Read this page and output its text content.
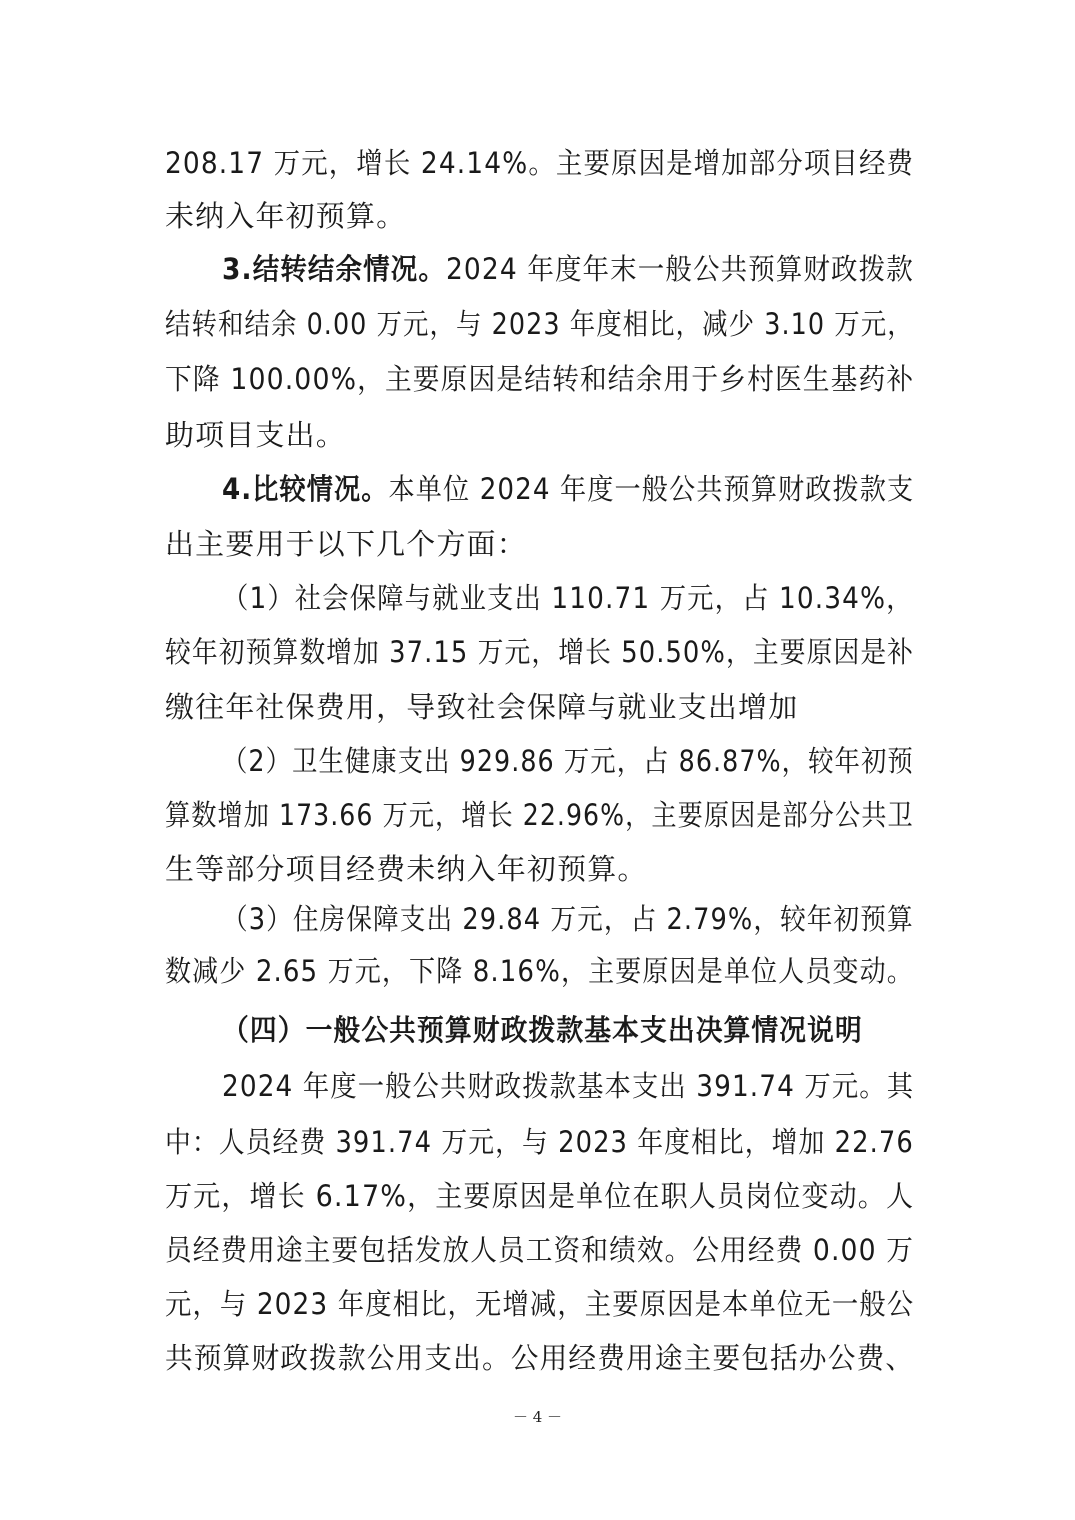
208.17 万元，增长 24.14%。主要原因是增加部分项目经费
未纳入年初预算。
3.结转结余情况。2024 年度年末一般公共预算财政拨款
结转和结余 0.00 万元，与 2023 年度相比，减少 3.10 万元，
下降 100.00%，主要原因是结转和结余用于乡村医生基药补
助项目支出。
4.比较情况。本单位 2024 年度一般公共预算财政拨款支
出主要用于以下几个方面：
（1）社会保障与就业支出 110.71 万元，占 10.34%，
较年初预算数增加 37.15 万元，增长 50.50%，主要原因是补
缴往年社保费用，导致社会保障与就业支出增加
（2）卫生健康支出 929.86 万元，占 86.87%，较年初预
算数增加 173.66 万元，增长 22.96%，主要原因是部分公共卫
生等部分项目经费未纳入年初预算。
（3）住房保障支出 29.84 万元，占 2.79%，较年初预算
数减少 2.65 万元，下降 8.16%，主要原因是单位人员变动。
（四）一般公共预算财政拨款基本支出决算情况说明
2024 年度一般公共财政拨款基本支出 391.74 万元。其
中：人员经费 391.74 万元，与 2023 年度相比，增加 22.76
万元，增长 6.17%，主要原因是单位在职人员岗位变动。人
员经费用途主要包括发放人员工资和绩效。公用经费 0.00 万
元，与 2023 年度相比，无增减，主要原因是本单位无一般公
共预算财政拨款公用支出。公用经费用途主要包括办公费、
－ 4 －
